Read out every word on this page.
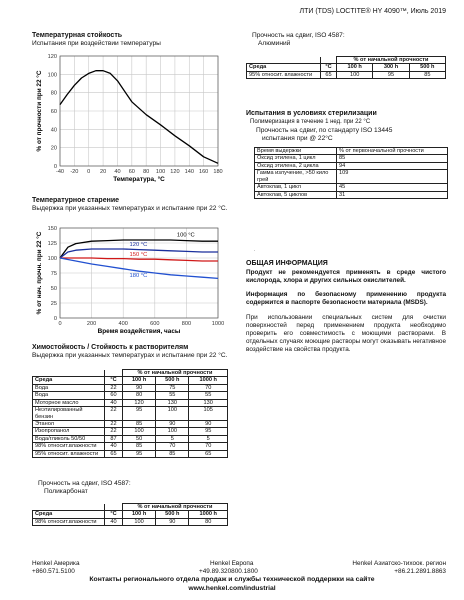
ЛТИ (TDS) LOCTITE® HY 4090™, Июль 2019
Температурная стойкость
Испытания при воздействии температуры
-40 -20 0 20 40 60 80 100 120 140 160 180
0
20
40
60
80
100
120
Температура, °C
% от прочности при 22 °C
Температурное старение
Выдержка при указанных температурах и испытание при 22 °C.
0	200	400	600	800	1000
0
25
50
75
100
125
150
Время воздействия, часы
% от нач. прочн. при 22 °C	100 °C
120 °C
150 °C
180 °C
Химостойкость / Стойкость к растворителям
Выдержка при указанных температурах и испытание при 22 °C.
		% от начальной прочности		
Среда	°C	100 h	500 h	1000 h
Вода	22	90	75	70
Вода	60	80	55	55
Моторное масло	40	120	130	130
Неэтилированный бензин	22	95	100	105
Этанол	22	85	90	90
Изопропанол	22	100	100	95
Вода/гликоль 50/50	87	50	5	5
98% относит.влажности	40	85	70	70
95% относит. влажности	65	95	85	65
Прочность на сдвиг, ISO 4587:
Поликарбонат
		% от начальной прочности		
Среда	°C	100 h	500 h	1000 h
98% относит.влажности	40	100	90	80
Прочность на сдвиг, ISO 4587:
Алюминий
		% от начальной прочности		
Среда	°C	100 h	300 h	500 h
95% относит. влажности	65	100	95	85
Испытания в условиях стерилизации
Полимеризация в течение 1 нед. при 22 °C
Прочность на сдвиг, по стандарту ISO 13445
испытания при @ 22°C
Время выдержки	% от первоначальной прочности
Оксид этилена, 1 цикл	85
Оксид этилена, 2 цикла	94
Гамма излучение, >50 кило грей	109
Автоклав, 1 цикл	45
Автоклав, 5 циклов	31
.
ОБЩАЯ ИНФОРМАЦИЯ
Продукт не рекомендуется применять в среде чистого кислорода, хлора и других сильных окислителей.
Информация по безопасному применению продукта содержится в паспорте безопасности материала (MSDS).
При использовании специальных систем для очистки поверхностей перед применением продукта необходимо проверить его совместимость с моющими растворами. В отдельных случаях моющие растворы могут оказывать негативное воздействие на свойства продукта.
Henkel Америка
+860.571.5100
Henkel Европа
+49.89.320800.1800
Henkel Азиатско-тихоок. регион
+86.21.2891.8863
Контакты регионального отдела продаж и службы технической поддержки на сайте
www.henkel.com/industrial
